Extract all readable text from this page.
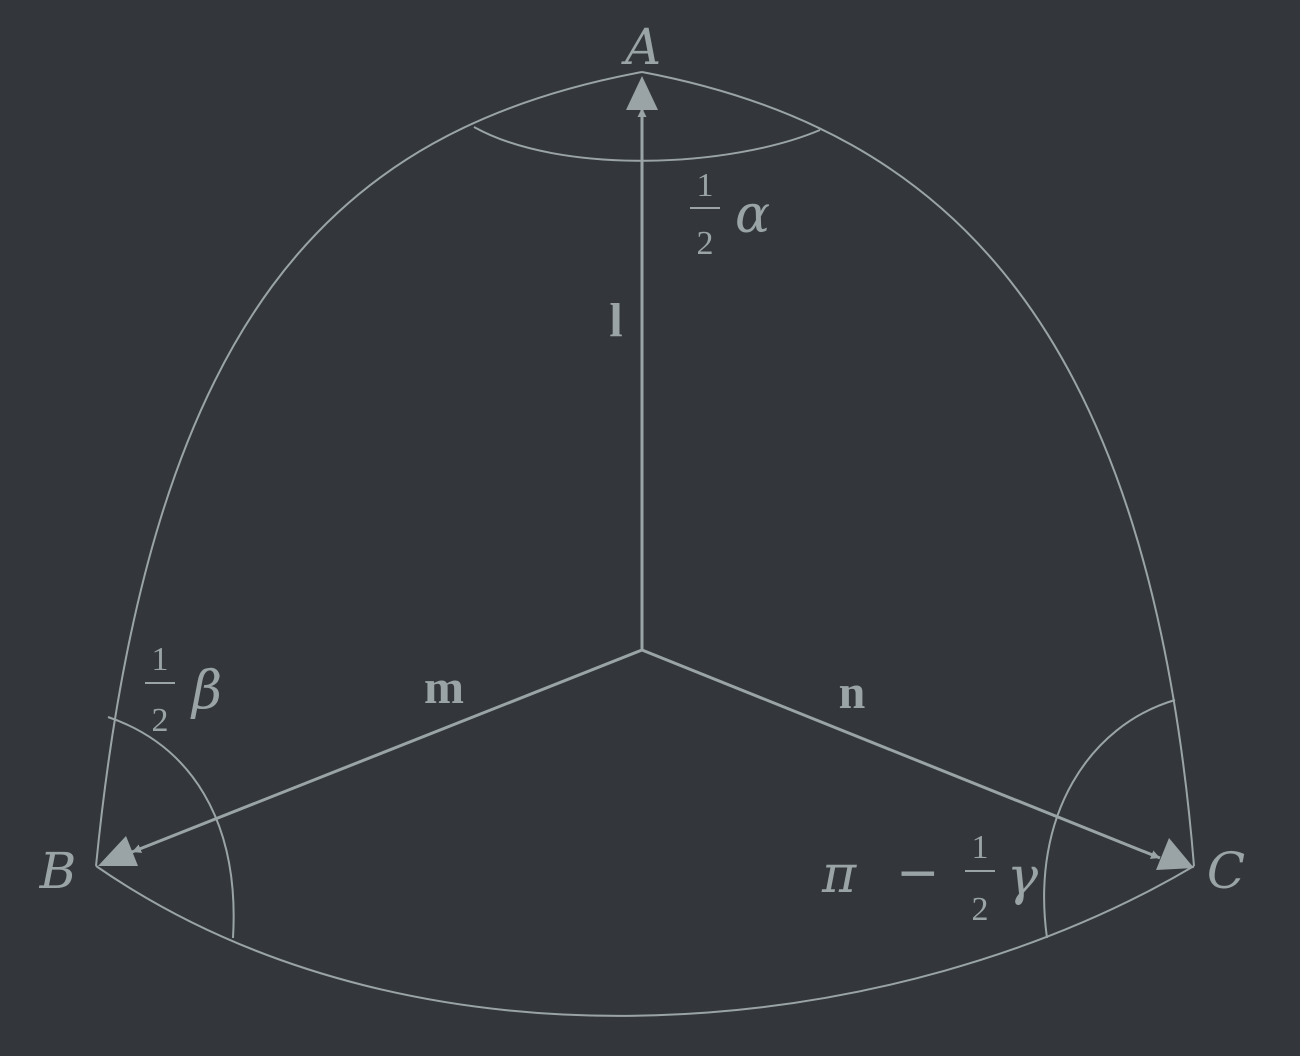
A
B	C
l
m	n
1
2 α
1
2 β
π − 1
2
γ
